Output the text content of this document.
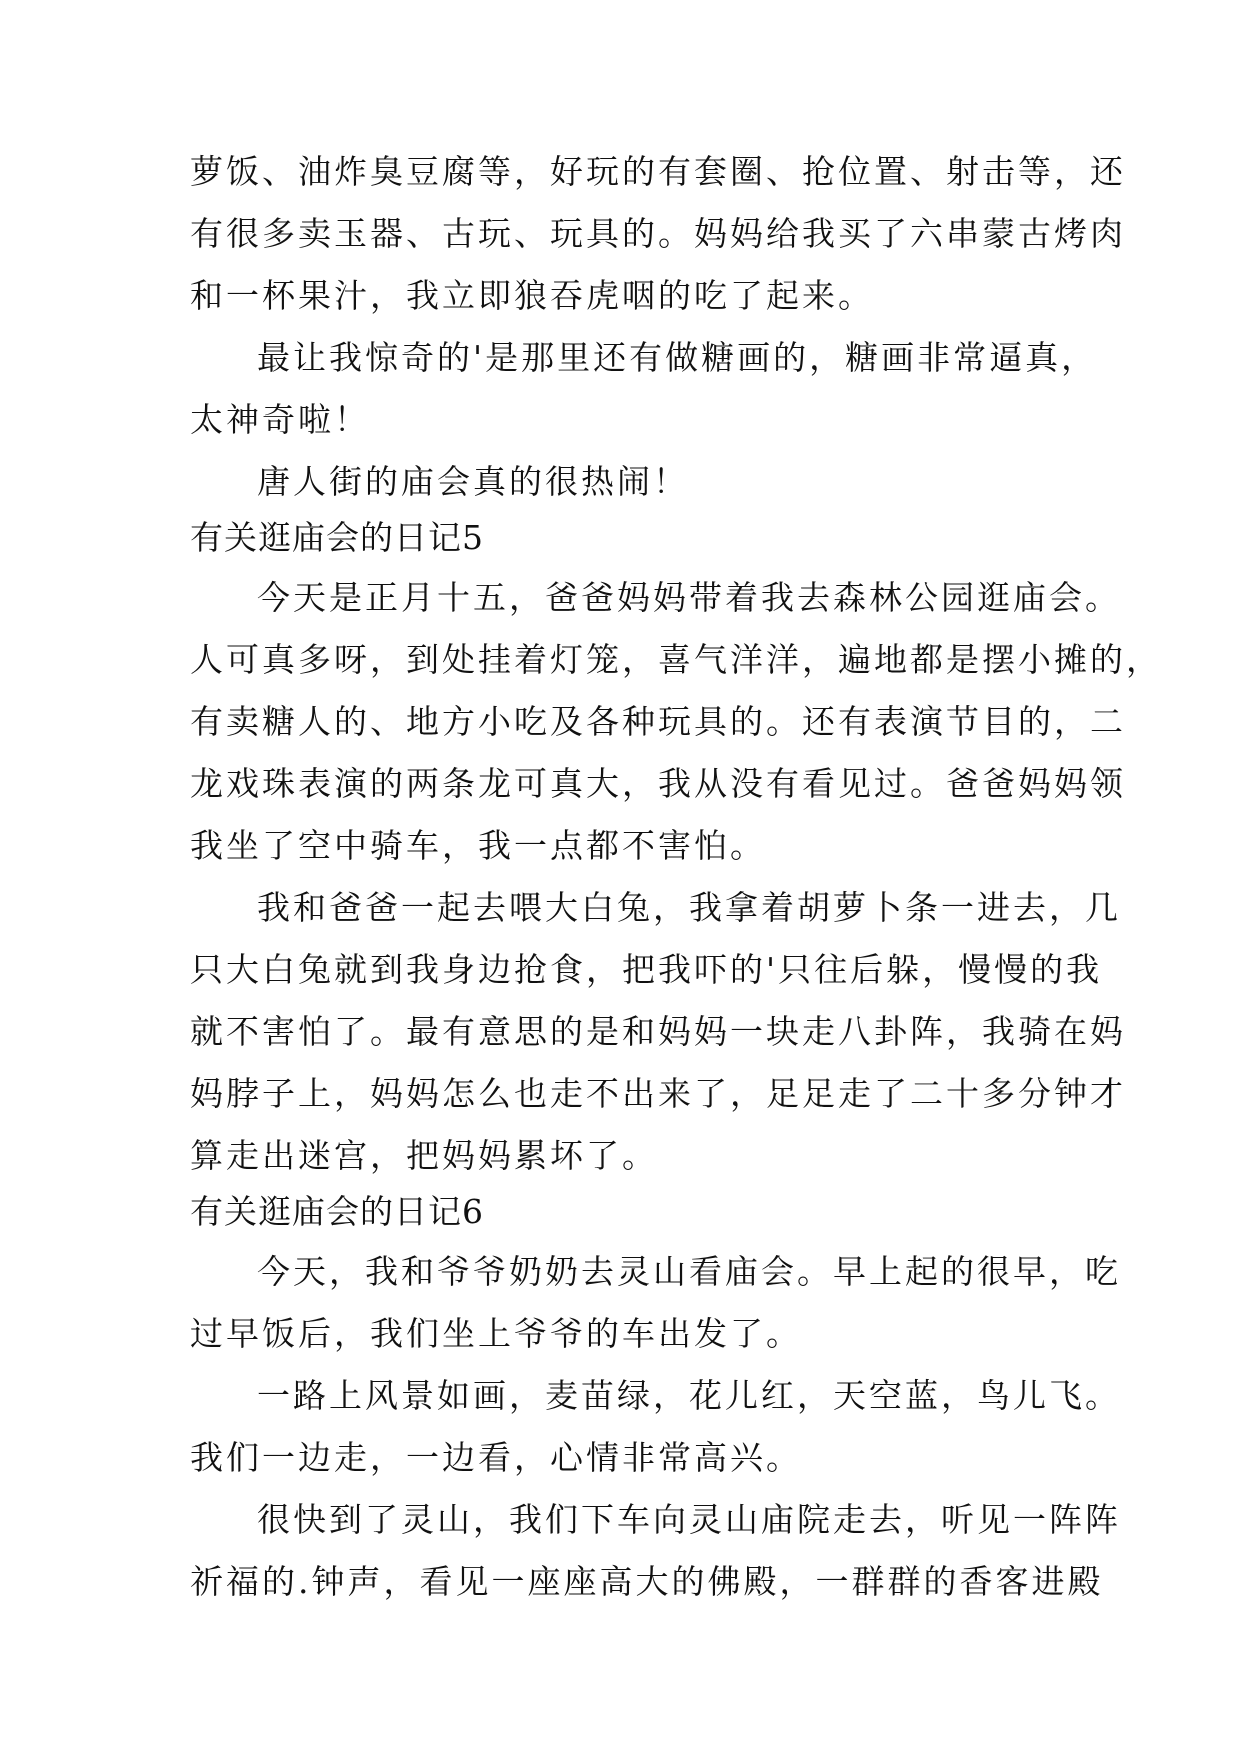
萝饭、油炸臭豆腐等，好玩的有套圈、抢位置、射击等，还
有很多卖玉器、古玩、玩具的。妈妈给我买了六串蒙古烤肉
和一杯果汁，我立即狼吞虎咽的吃了起来。
最让我惊奇的'是那里还有做糖画的，糖画非常逼真，
太神奇啦！
唐人街的庙会真的很热闹！
有关逛庙会的日记5
今天是正月十五，爸爸妈妈带着我去森林公园逛庙会。
人可真多呀，到处挂着灯笼，喜气洋洋，遍地都是摆小摊的，
有卖糖人的、地方小吃及各种玩具的。还有表演节目的，二
龙戏珠表演的两条龙可真大，我从没有看见过。爸爸妈妈领
我坐了空中骑车，我一点都不害怕。
我和爸爸一起去喂大白兔，我拿着胡萝卜条一进去，几
只大白兔就到我身边抢食，把我吓的'只往后躲，慢慢的我
就不害怕了。最有意思的是和妈妈一块走八卦阵，我骑在妈
妈脖子上，妈妈怎么也走不出来了，足足走了二十多分钟才
算走出迷宫，把妈妈累坏了。
有关逛庙会的日记6
今天，我和爷爷奶奶去灵山看庙会。早上起的很早，吃
过早饭后，我们坐上爷爷的车出发了。
一路上风景如画，麦苗绿，花儿红，天空蓝，鸟儿飞。
我们一边走，一边看，心情非常高兴。
很快到了灵山，我们下车向灵山庙院走去，听见一阵阵
祈福的.钟声，看见一座座高大的佛殿，一群群的香客进殿
